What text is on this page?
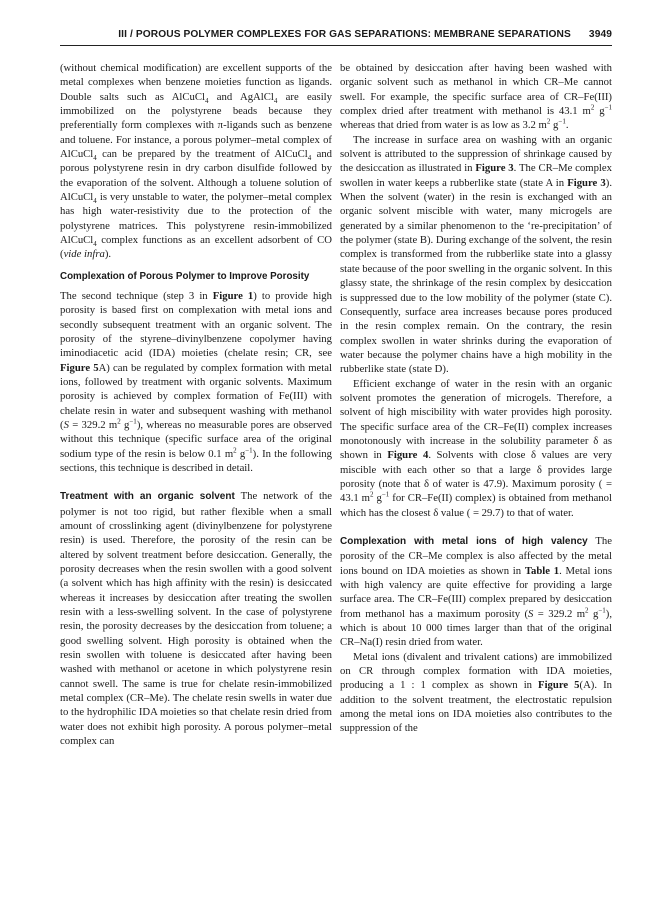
III / POROUS POLYMER COMPLEXES FOR GAS SEPARATIONS: MEMBRANE SEPARATIONS 3949

(without chemical modification) are excellent supports of the metal complexes when benzene moieties function as ligands. Double salts such as AlCuCl$_4$ and AgAlCl$_4$ are easily immobilized on the polystyrene beads because they preferentially form complexes with π-ligands such as benzene and toluene. For instance, a porous polymer–metal complex of AlCuCl$_4$ can be prepared by the treatment of AlCuCl$_4$ and porous polystyrene resin in dry carbon disulfide followed by the evaporation of the solvent. Although a toluene solution of AlCuCl$_4$ is very unstable to water, the polymer–metal complex has high water-resistivity due to the protection of the polystyrene matrices. This polystyrene resin-immobilized AlCuCl$_4$ complex functions as an excellent adsorbent of CO (vide infra).

Complexation of Porous Polymer to Improve Porosity

The second technique (step 3 in Figure 1) to provide high porosity is based first on complexation with metal ions and secondly subsequent treatment with an organic solvent. The porosity of the styrene–divinylbenzene copolymer having iminodiacetic acid (IDA) moieties (chelate resin; CR, see Figure 5A) can be regulated by complex formation with metal ions, followed by treatment with organic solvents. Maximum porosity is achieved by complex formation of Fe(III) with chelate resin in water and subsequent washing with methanol (S = 329.2 $m^2$ $g^{-1}$), whereas no measurable pores are observed without this technique (specific surface area of the original sodium type of the resin is below 0.1 $m^2$ $g^{-1}$). In the following sections, this technique is described in detail.

Treatment with an organic solvent The network of the polymer is not too rigid, but rather flexible when a small amount of crosslinking agent (divinylbenzene for polystyrene resin) is used. Therefore, the porosity of the resin can be altered by solvent treatment before desiccation. Generally, the porosity decreases when the resin swollen with a good solvent (a solvent which has high affinity with the resin) is desiccated whereas it increases by desiccation after treating the swollen resin with a less-swelling solvent. In the case of polystyrene resin, the porosity decreases by the desiccation from toluene; a good swelling solvent. High porosity is obtained when the resin swollen with toluene is desiccated after having been washed with methanol or acetone in which polystyrene resin cannot swell. The same is true for chelate resin-immobilized metal complex (CR–Me). The chelate resin swells in water due to the hydrophilic IDA moieties so that chelate resin dried from water does not exhibit high porosity. A porous polymer–metal complex can

be obtained by desiccation after having been washed with organic solvent such as methanol in which CR–Me cannot swell. For example, the specific surface area of CR–Fe(III) complex dried after treatment with methanol is 43.1 $m^2$ $g^{-1}$ whereas that dried from water is as low as 3.2 $m^2$ $g^{-1}$.

The increase in surface area on washing with an organic solvent is attributed to the suppression of shrinkage caused by the desiccation as illustrated in Figure 3. The CR–Me complex swollen in water keeps a rubberlike state (state A in Figure 3). When the solvent (water) in the resin is exchanged with an organic solvent miscible with water, many microgels are generated by a similar phenomenon to the ‘re-precipitation’ of the polymer (state B). During exchange of the solvent, the resin complex is transformed from the rubberlike state into a glassy state because of the poor swelling in the organic solvent. In this glassy state, the shrinkage of the resin complex by desiccation is suppressed due to the low mobility of the polymer (state C). Consequently, surface area increases because pores produced in the resin complex remain. On the contrary, the resin complex swollen in water shrinks during the evaporation of water because the polymer chains have a high mobility in the rubberlike state (state D).

Efficient exchange of water in the resin with an organic solvent promotes the generation of microgels. Therefore, a solvent of high miscibility with water provides high porosity. The specific surface area of the CR–Fe(II) complex increases monotonously with increase in the solubility parameter δ as shown in Figure 4. Solvents with close δ values are very miscible with each other so that a large δ provides large porosity (note that δ of water is 47.9). Maximum porosity ( = 43.1 $m^2$ $g^{-1}$ for CR–Fe(II) complex) is obtained from methanol which has the closest δ value ( = 29.7) to that of water.

Complexation with metal ions of high valency The porosity of the CR–Me complex is also affected by the metal ions bound on IDA moieties as shown in Table 1. Metal ions with high valency are quite effective for providing a large surface area. The CR–Fe(III) complex prepared by desiccation from methanol has a maximum porosity (S = 329.2 $m^2$ $g^{-1}$), which is about 10 000 times larger than that of the original CR–Na(I) resin dried from water.

Metal ions (divalent and trivalent cations) are immobilized on CR through complex formation with IDA moieties, producing a 1 : 1 complex as shown in Figure 5(A). In addition to the solvent treatment, the electrostatic repulsion among the metal ions on IDA moieties also contributes to the suppression of the
